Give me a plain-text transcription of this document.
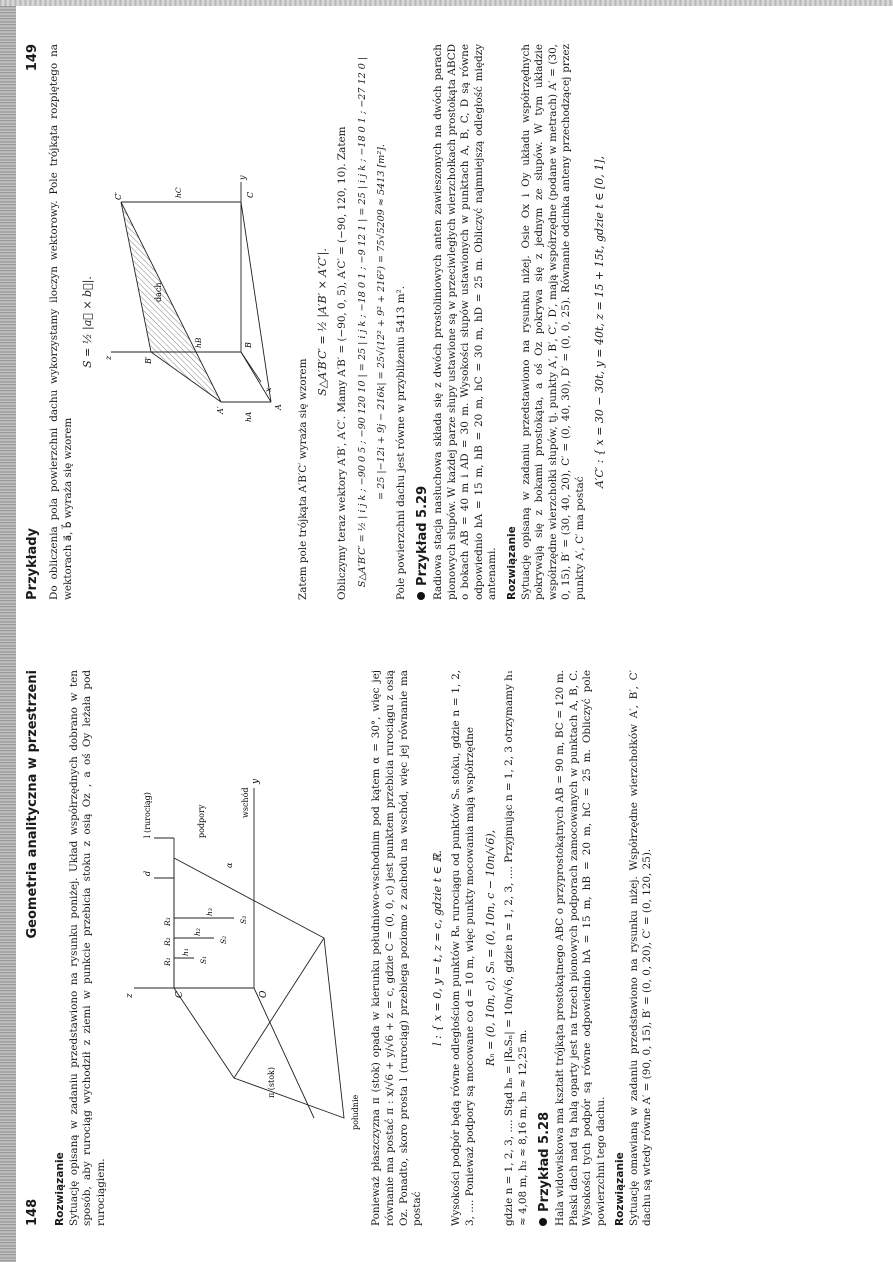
148
Geometria analityczna w przestrzeni
Rozwiązanie Sytuację opisaną w zadaniu przedstawiono na rysunku poniżej. Układ współrzędnych dobrano w ten sposób, aby rurociąg wychodził z ziemi w punkcie przebicia stoku z osią Oz , a oś Oy leżała pod rurociągiem.

z
południe
wschód
y
π (stok)
l (rurociąg)	podpory
C	O
d
α
R₁
R₂
R₃
h₁
h₂
h₃
S₁
S₂
S₃	Ponieważ płaszczyzna π (stok) opada w kierunku południowo-wschodnim pod kątem α = 30°, więc jej równanie ma postać π : x/√6 + y/√6 + z = c, gdzie C = (0, 0, c) jest punktem przebicia rurociągu z osią Oz. Ponadto, skoro prosta l (rurociąg) przebiega poziomo z zachodu na wschód, więc jej równanie ma postać

l : { x = 0, y = t, z = c, gdzie t ∈ ℝ. Wysokości podpór będą równe odległościom punktów Rₙ rurociągu od punktów Sₙ stoku, gdzie n = 1, 2, 3, .... Ponieważ podpory są mocowane co d = 10 m, więc punkty mocowania mają współrzędne Rₙ = (0, 10n, c), Sₙ = (0, 10n, c − 10n/√6), gdzie n = 1, 2, 3, .... Stąd hₙ = |RₙSₙ| = 10n/√6, gdzie n = 1, 2, 3, .... Przyjmując n = 1, 2, 3 otrzymamy h₁ ≈ 4,08 m, h₂ ≈ 8,16 m, h₃ ≈ 12,25 m. Przykład 5.28 Hala widowiskowa ma kształt trójkąta prostokątnego ABC o przyprostokątnych AB = 90 m, BC = 120 m. Płaski dach nad tą halą oparty jest na trzech pionowych podporach zamocowanych w punktach A, B, C. Wysokości tych podpór są równe odpowiednio hA = 15 m, hB = 20 m, hC = 25 m. Obliczyć pole powierzchni tego dachu. Rozwiązanie Sytuację omawianą w zadaniu przedstawiono na rysunku niżej. Współrzędne wierzchołków A′, B′, C′ dachu są wtedy równe A′ = (90, 0, 15), B′ = (0, 0, 20), C′ = (0, 120, 25).

Przykłady
149 Do obliczenia pola powierzchni dachu wykorzystamy iloczyn wektorowy. Pole trójkąta rozpiętego na wektorach a⃗, b⃗ wyraża się wzorem

S = ½ |a⃗ × b⃗|. z
y
x
dach
A′
B′
C′
A
B
C
hA
hB
hC

Zatem pole trójkąta A′B′C′ wyraża się wzorem

S△A′B′C′ = ½ |A′B′ × A′C′|. Obliczymy teraz wektory A′B′, A′C′. Mamy A′B′ = (−90, 0, 5), A′C′ = (−90, 120, 10). Zatem S△A′B′C′ = ½ | i j k ; −90 0 5 ; −90 120 10 | = 25 | i j k ; −18 0 1 ; −9 12 1 | = 25 | i j k ; −18 0 1 ; −27 12 0 | = 25 |−12i + 9j − 216k| = 25√(12² + 9² + 216²) = 75√5209 ≈ 5413 [m²]. Pole powierzchni dachu jest równe w przybliżeniu 5413 m². Przykład 5.29 Radiowa stacja nasłuchowa składa się z dwóch prostoliniowych anten zawieszonych na dwóch parach pionowych słupów. W każdej parze słupy ustawione są w przeciwległych wierzchołkach prostokąta ABCD o bokach AB = 40 m i AD = 30 m. Wysokości słupów ustawionych w punktach A, B, C, D są równe odpowiednio hA = 15 m, hB = 20 m, hC = 30 m, hD = 25 m. Obliczyć najmniejszą odległość między antenami. Rozwiązanie Sytuację opisaną w zadaniu przedstawiono na rysunku niżej. Osie Ox i Oy układu współrzędnych pokrywają się z bokami prostokąta, a oś Oz pokrywa się z jednym ze słupów. W tym układzie współrzędne wierzchołki słupów, tj. punkty A′, B′, C′, D′, mają współrzędne (podane w metrach) A′ = (30, 0, 15), B′ = (30, 40, 20), C′ = (0, 40, 30), D′ = (0, 0, 25). Równanie odcinka anteny przechodzącej przez punkty A′, C′ ma postać

A′C′ : { x = 30 − 30t, y = 40t, z = 15 + 15t, gdzie t ∈ [0, 1],
